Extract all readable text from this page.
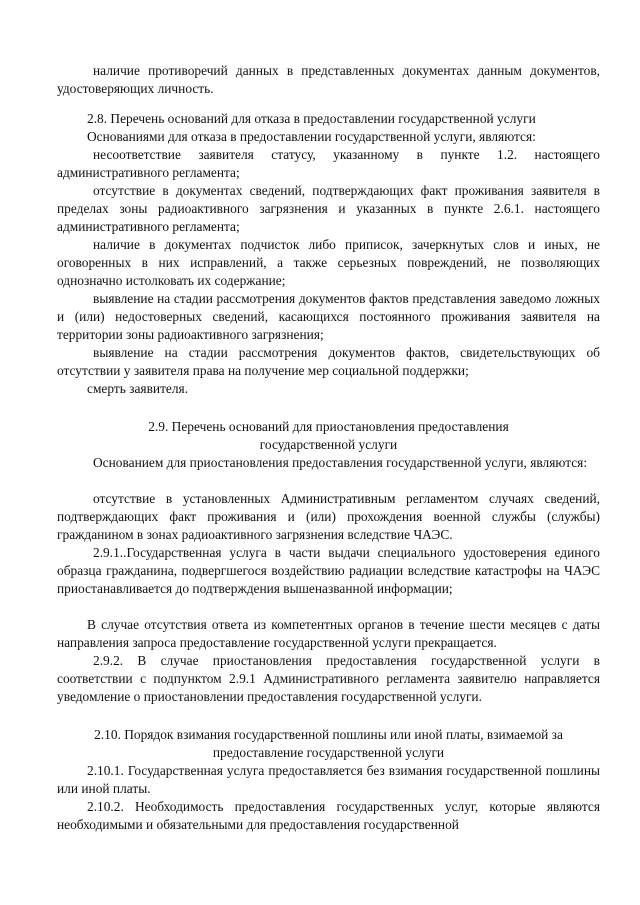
наличие противоречий данных в представленных документах данным документов, удостоверяющих личность.

2.8. Перечень оснований для отказа в предоставлении государственной услуги

Основаниями для отказа в предоставлении государственной услуги, являются:

несоответствие заявителя статусу, указанному в пункте 1.2. настоящего административного регламента;

отсутствие в документах сведений, подтверждающих факт проживания заявителя в пределах зоны радиоактивного загрязнения и указанных в пункте 2.6.1. настоящего административного регламента;

наличие в документах подчисток либо приписок, зачеркнутых слов и иных, не оговоренных в них исправлений, а также серьезных повреждений, не позволяющих однозначно истолковать их содержание;

выявление на стадии рассмотрения документов фактов представления заведомо ложных и (или) недостоверных сведений, касающихся постоянного проживания заявителя на территории зоны радиоактивного загрязнения;

выявление на стадии рассмотрения документов фактов, свидетельствующих об отсутствии у заявителя права на получение мер социальной поддержки;

смерть заявителя.

2.9. Перечень оснований для приостановления предоставления

государственной услуги

Основанием для приостановления предоставления государственной услуги, являются:

отсутствие в установленных Административным регламентом случаях сведений, подтверждающих факт проживания и (или) прохождения военной службы (службы) гражданином в зонах радиоактивного загрязнения вследствие ЧАЭС.

2.9.1..Государственная услуга в части выдачи специального удостоверения единого образца гражданина, подвергшегося воздействию радиации вследствие катастрофы на ЧАЭС приостанавливается до подтверждения вышеназванной информации;

В случае отсутствия ответа из компетентных органов в течение шести месяцев с даты направления запроса предоставление государственной услуги прекращается.

2.9.2. В случае приостановления предоставления государственной услуги в соответствии с подпунктом 2.9.1 Административного регламента заявителю направляется уведомление о приостановлении предоставления государственной услуги.

2.10. Порядок взимания государственной пошлины или иной платы, взимаемой за

предоставление государственной услуги

2.10.1. Государственная услуга предоставляется без взимания государственной пошлины или иной платы.

2.10.2. Необходимость предоставления государственных услуг, которые являются необходимыми и обязательными для предоставления государственной
